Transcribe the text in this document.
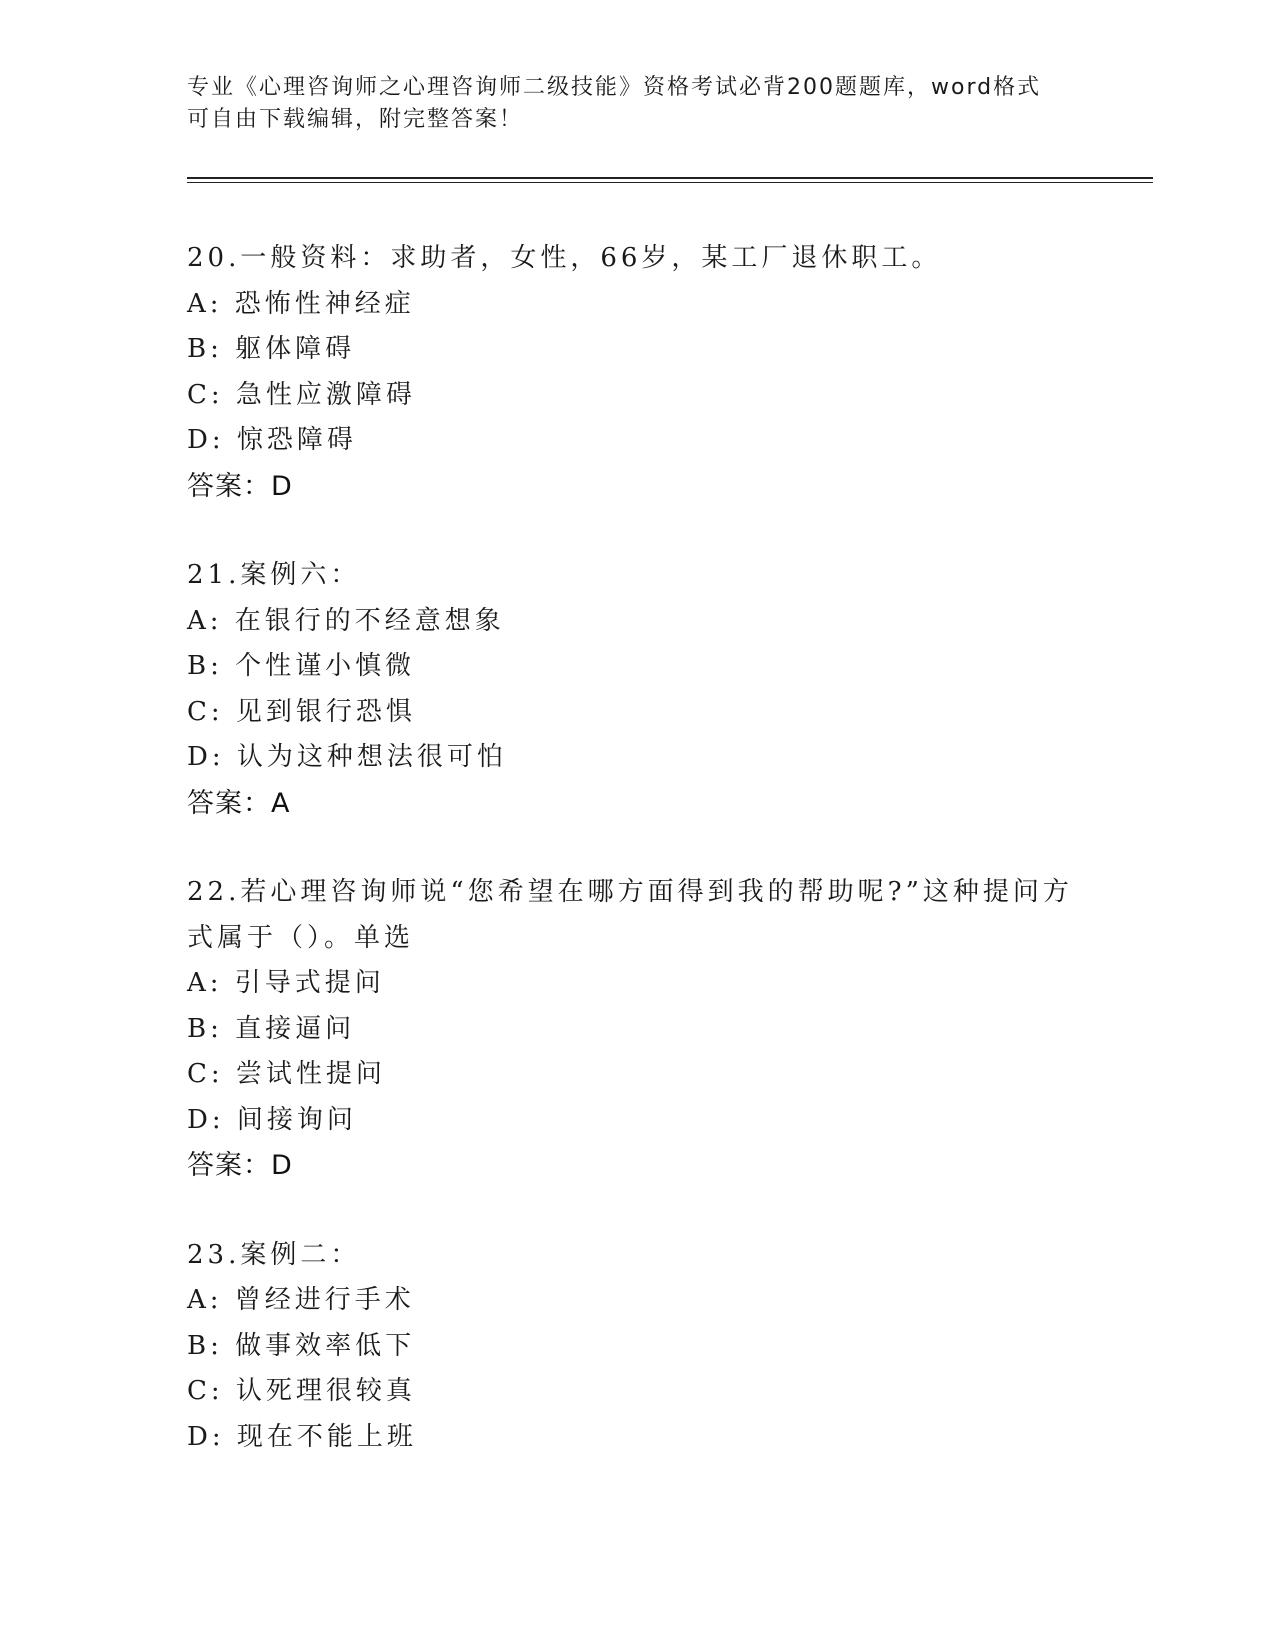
专业《心理咨询师之心理咨询师二级技能》资格考试必背200题题库，word格式
可自由下载编辑，附完整答案！
20.一般资料：求助者，女性，66岁，某工厂退休职工。
A: 恐怖性神经症
B: 躯体障碍
C: 急性应激障碍
D: 惊恐障碍
答案：D
21.案例六：
A: 在银行的不经意想象
B: 个性谨小慎微
C: 见到银行恐惧
D: 认为这种想法很可怕
答案：A
22.若心理咨询师说“您希望在哪方面得到我的帮助呢?”这种提问方
式属于（）。单选
A: 引导式提问
B: 直接逼问
C: 尝试性提问
D: 间接询问
答案：D
23.案例二：
A: 曾经进行手术
B: 做事效率低下
C: 认死理很较真
D: 现在不能上班
